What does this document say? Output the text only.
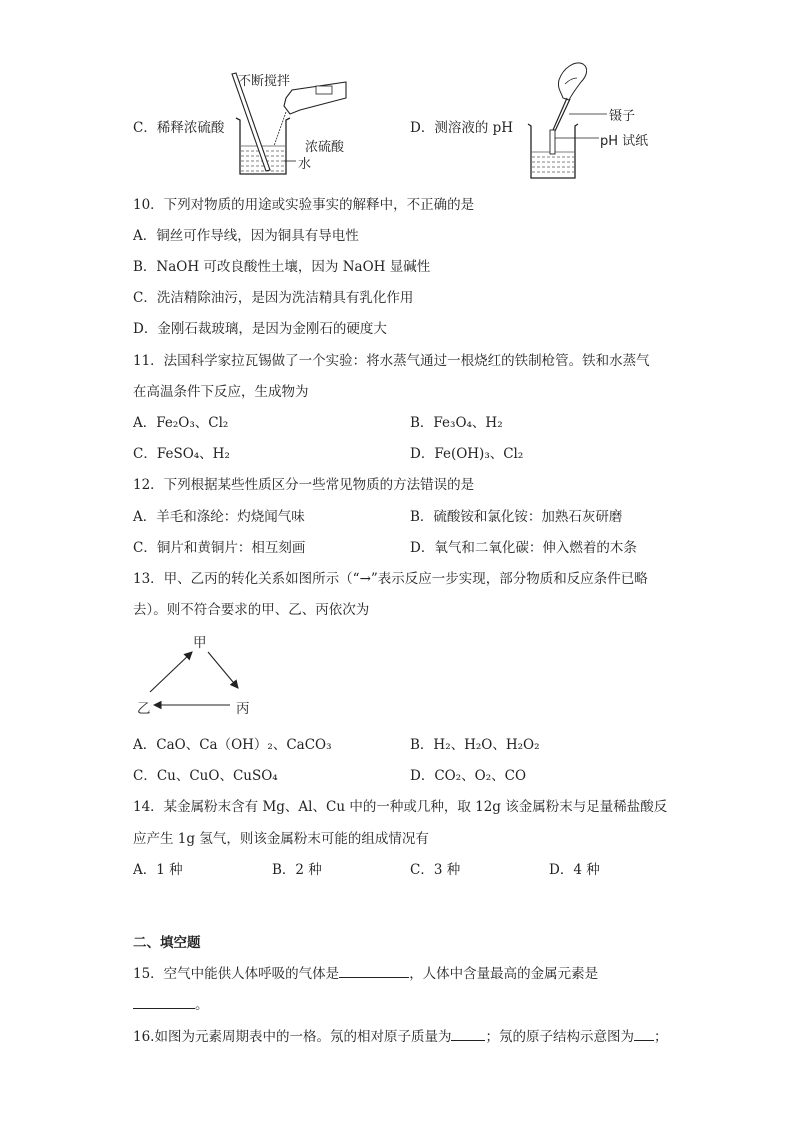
C．稀释浓硫酸
不断搅拌
浓硫酸
水
D．测溶液的 pH
镊子
pH 试纸
10．下列对物质的用途或实验事实的解释中，不正确的是
A．铜丝可作导线，因为铜具有导电性
B．NaOH 可改良酸性土壤，因为 NaOH 显碱性
C．洗洁精除油污，是因为洗洁精具有乳化作用
D．金刚石裁玻璃，是因为金刚石的硬度大
11．法国科学家拉瓦锡做了一个实验：将水蒸气通过一根烧红的铁制枪管。铁和水蒸气
在高温条件下反应，生成物为
A．Fe₂O₃、Cl₂	B．Fe₃O₄、H₂
C．FeSO₄、H₂	D．Fe(OH)₃、Cl₂
12．下列根据某些性质区分一些常见物质的方法错误的是
A．羊毛和涤纶：灼烧闻气味	B．硫酸铵和氯化铵：加熟石灰研磨
C．铜片和黄铜片：相互刻画	D．氧气和二氧化碳：伸入燃着的木条
13．甲、乙丙的转化关系如图所示（“→”表示反应一步实现，部分物质和反应条件已略
去）。则不符合要求的甲、乙、丙依次为
甲
乙	丙
A．CaO、Ca（OH）₂、CaCO₃	B．H₂、H₂O、H₂O₂
C．Cu、CuO、CuSO₄	D．CO₂、O₂、CO
14．某金属粉末含有 Mg、Al、Cu 中的一种或几种，取 12g 该金属粉末与足量稀盐酸反
应产生 1g 氢气，则该金属粉末可能的组成情况有
A．1 种	B．2 种	C．3 种	D．4 种
二、填空题
15．空气中能供人体呼吸的气体是	，人体中含量最高的金属元素是
。
16.如图为元素周期表中的一格。氖的相对原子质量为	；氖的原子结构示意图为 ；
